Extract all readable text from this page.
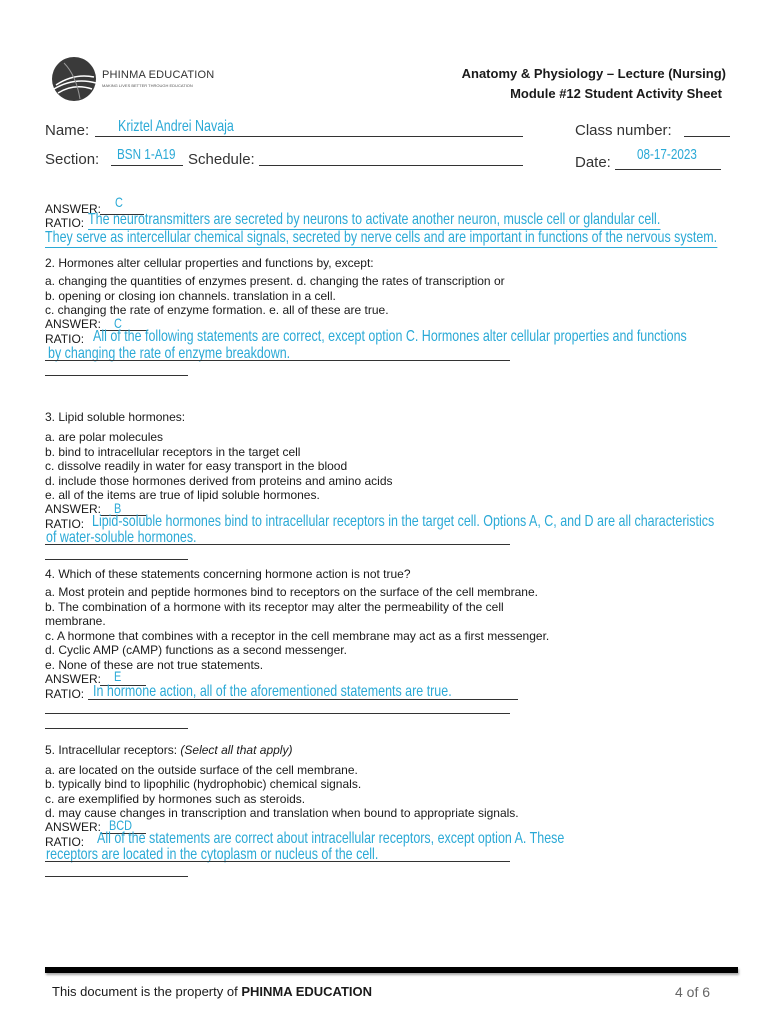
PHINMA EDUCATION
MAKING LIVES BETTER THROUGH EDUCATION
Anatomy & Physiology – Lecture (Nursing)
Module #12 Student Activity Sheet
Name: Kriztel Andrei Navaja	Class number:
Section: BSN 1-A19 Schedule:	Date: 08-17-2023
ANSWER: C
RATIO: The neurotransmitters are secreted by neurons to activate another neuron, muscle cell or glandular cell.
They serve as intercellular chemical signals, secreted by nerve cells and are important in functions of the nervous system.
2. Hormones alter cellular properties and functions by, except:
a. changing the quantities of enzymes present. d. changing the rates of transcription or
b. opening or closing ion channels. translation in a cell.
c. changing the rate of enzyme formation. e. all of these are true.
ANSWER: C
RATIO: All of the following statements are correct, except option C. Hormones alter cellular properties and functions
by changing the rate of enzyme breakdown.
3. Lipid soluble hormones:
a. are polar molecules
b. bind to intracellular receptors in the target cell
c. dissolve readily in water for easy transport in the blood
d. include those hormones derived from proteins and amino acids
e. all of the items are true of lipid soluble hormones.
ANSWER: B
RATIO: Lipid-soluble hormones bind to intracellular receptors in the target cell. Options A, C, and D are all characteristics
of water-soluble hormones.
4. Which of these statements concerning hormone action is not true?
a. Most protein and peptide hormones bind to receptors on the surface of the cell membrane.
b. The combination of a hormone with its receptor may alter the permeability of the cell
membrane.
c. A hormone that combines with a receptor in the cell membrane may act as a first messenger.
d. Cyclic AMP (cAMP) functions as a second messenger.
e. None of these are not true statements.
ANSWER: E
RATIO: In hormone action, all of the aforementioned statements are true.
5. Intracellular receptors: (Select all that apply)
a. are located on the outside surface of the cell membrane.
b. typically bind to lipophilic (hydrophobic) chemical signals.
c. are exemplified by hormones such as steroids.
d. may cause changes in transcription and translation when bound to appropriate signals.
ANSWER: BCD
RATIO: All of the statements are correct about intracellular receptors, except option A. These
receptors are located in the cytoplasm or nucleus of the cell.
This document is the property of PHINMA EDUCATION	4 of 6
